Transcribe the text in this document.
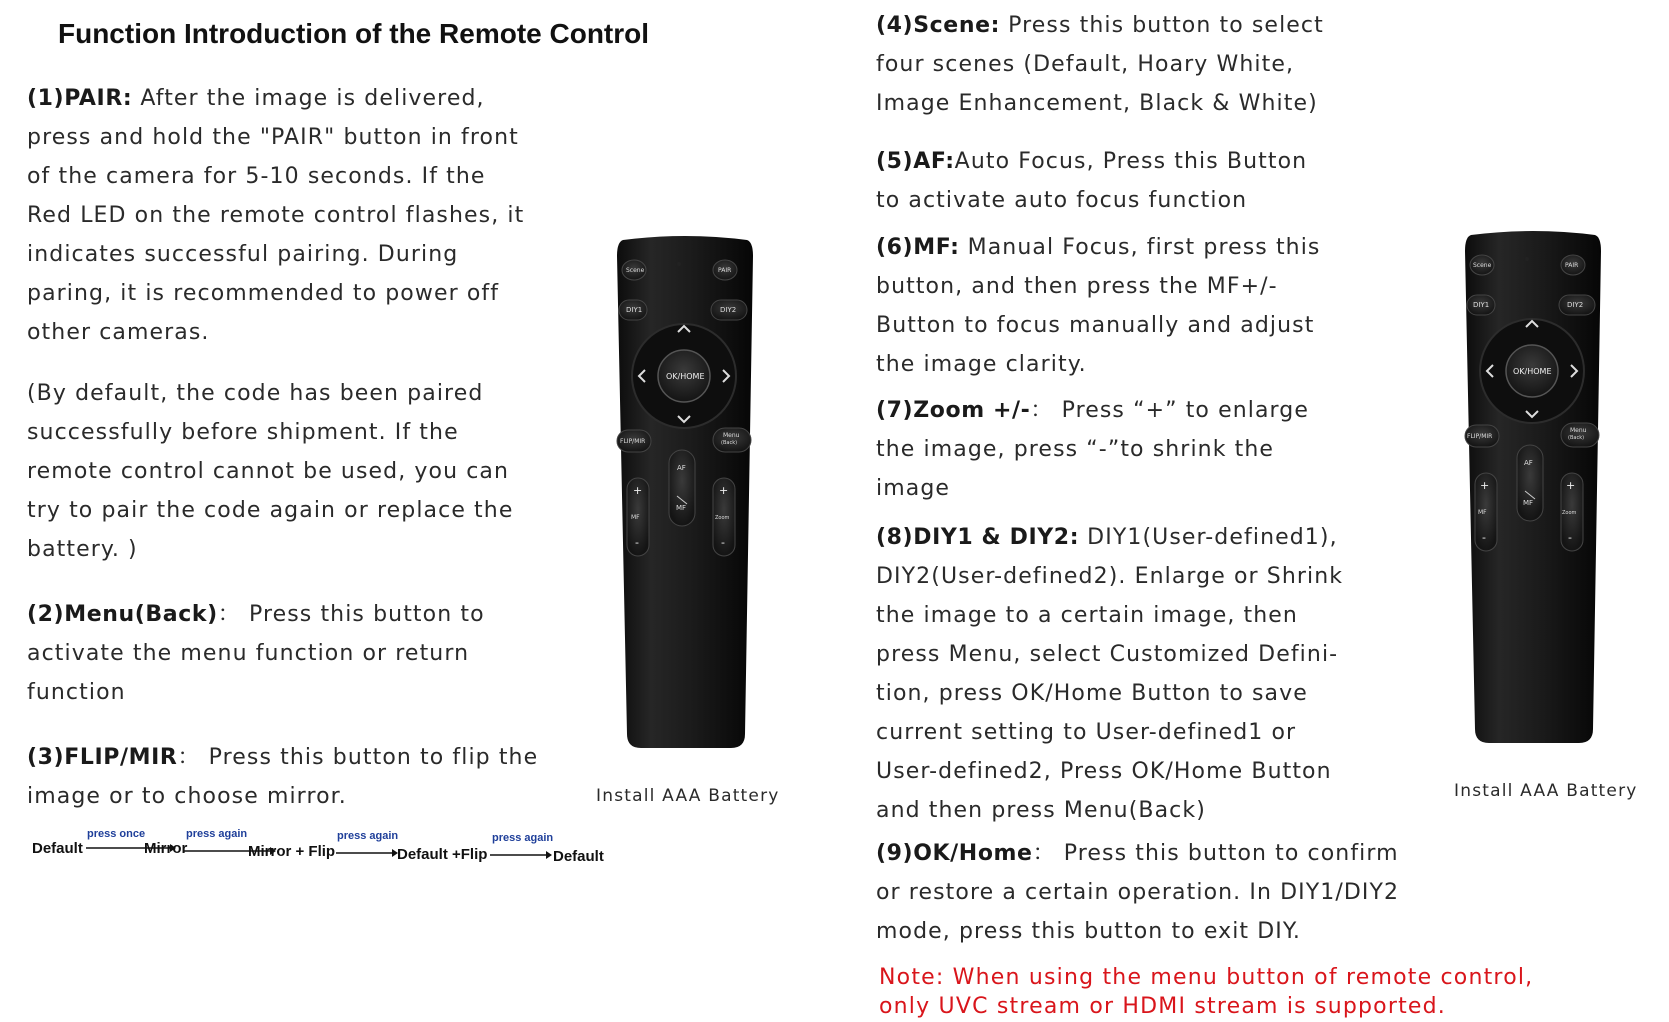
Function Introduction of the Remote Control
(1)PAIR: After the image is delivered,
press and hold the "PAIR" button in front
of the camera for 5-10 seconds. If the
Red LED on the remote control flashes, it
indicates successful pairing. During
paring, it is recommended to power off
other cameras.
(By default, the code has been paired
successfully before shipment. If the
remote control cannot be used, you can
try to pair the code again or replace the
battery. )
(2)Menu(Back)： Press this button to
activate the menu function or return
function
(3)FLIP/MIR： Press this button to flip the
image or to choose mirror.
Default
press once
Mirror
press again
Mirror + Flip
press again
Default +Flip
press again
Default
Scene	PAIR
DIY1	DIY2
OK/HOME
FLIP/MIR
Menu
(Back)
AF
MF
+
MF
-
+
Zoom
-
Install AAA Battery
(4)Scene: Press this button to select
four scenes (Default, Hoary White,
Image Enhancement, Black & White)
(5)AF:Auto Focus, Press this Button
to activate auto focus function
(6)MF: Manual Focus, first press this
button, and then press the MF+/-
Button to focus manually and adjust
the image clarity.
(7)Zoom +/-： Press “+” to enlarge
the image, press “-”to shrink the
image
(8)DIY1 & DIY2: DIY1(User-defined1),
DIY2(User-defined2). Enlarge or Shrink
the image to a certain image, then
press Menu, select Customized Defini-
tion, press OK/Home Button to save
current setting to User-defined1 or
User-defined2, Press OK/Home Button
and then press Menu(Back)
(9)OK/Home： Press this button to confirm
or restore a certain operation. In DIY1/DIY2
mode, press this button to exit DIY.
Note: When using the menu button of remote control,
only UVC stream or HDMI stream is supported.
Scene	PAIR
DIY1	DIY2
OK/HOME
FLIP/MIR
Menu
(Back)
AF
MF
+
MF
-
+
Zoom
-
Install AAA Battery
